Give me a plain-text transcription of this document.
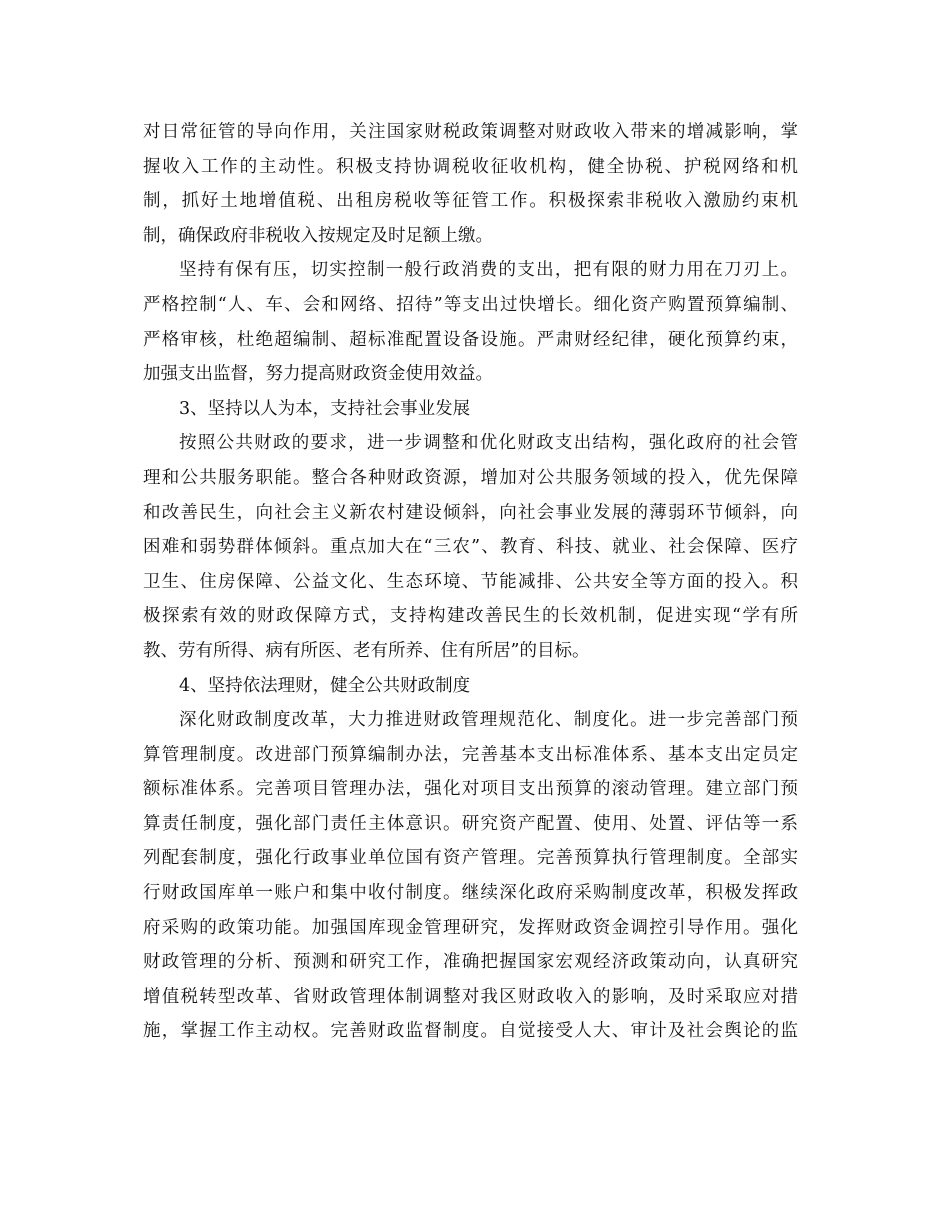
对日常征管的导向作用，关注国家财税政策调整对财政收入带来的增减影响，掌
握收入工作的主动性。积极支持协调税收征收机构，健全协税、护税网络和机
制，抓好土地增值税、出租房税收等征管工作。积极探索非税收入激励约束机
制，确保政府非税收入按规定及时足额上缴。
坚持有保有压，切实控制一般行政消费的支出，把有限的财力用在刀刃上。
严格控制“人、车、会和网络、招待”等支出过快增长。细化资产购置预算编制、
严格审核，杜绝超编制、超标准配置设备设施。严肃财经纪律，硬化预算约束，
加强支出监督，努力提高财政资金使用效益。
3、坚持以人为本，支持社会事业发展
按照公共财政的要求，进一步调整和优化财政支出结构，强化政府的社会管
理和公共服务职能。整合各种财政资源，增加对公共服务领域的投入，优先保障
和改善民生，向社会主义新农村建设倾斜，向社会事业发展的薄弱环节倾斜，向
困难和弱势群体倾斜。重点加大在“三农”、教育、科技、就业、社会保障、医疗
卫生、住房保障、公益文化、生态环境、节能减排、公共安全等方面的投入。积
极探索有效的财政保障方式，支持构建改善民生的长效机制，促进实现“学有所
教、劳有所得、病有所医、老有所养、住有所居”的目标。
4、坚持依法理财，健全公共财政制度
深化财政制度改革，大力推进财政管理规范化、制度化。进一步完善部门预
算管理制度。改进部门预算编制办法，完善基本支出标准体系、基本支出定员定
额标准体系。完善项目管理办法，强化对项目支出预算的滚动管理。建立部门预
算责任制度，强化部门责任主体意识。研究资产配置、使用、处置、评估等一系
列配套制度，强化行政事业单位国有资产管理。完善预算执行管理制度。全部实
行财政国库单一账户和集中收付制度。继续深化政府采购制度改革，积极发挥政
府采购的政策功能。加强国库现金管理研究，发挥财政资金调控引导作用。强化
财政管理的分析、预测和研究工作，准确把握国家宏观经济政策动向，认真研究
增值税转型改革、省财政管理体制调整对我区财政收入的影响，及时采取应对措
施，掌握工作主动权。完善财政监督制度。自觉接受人大、审计及社会舆论的监
